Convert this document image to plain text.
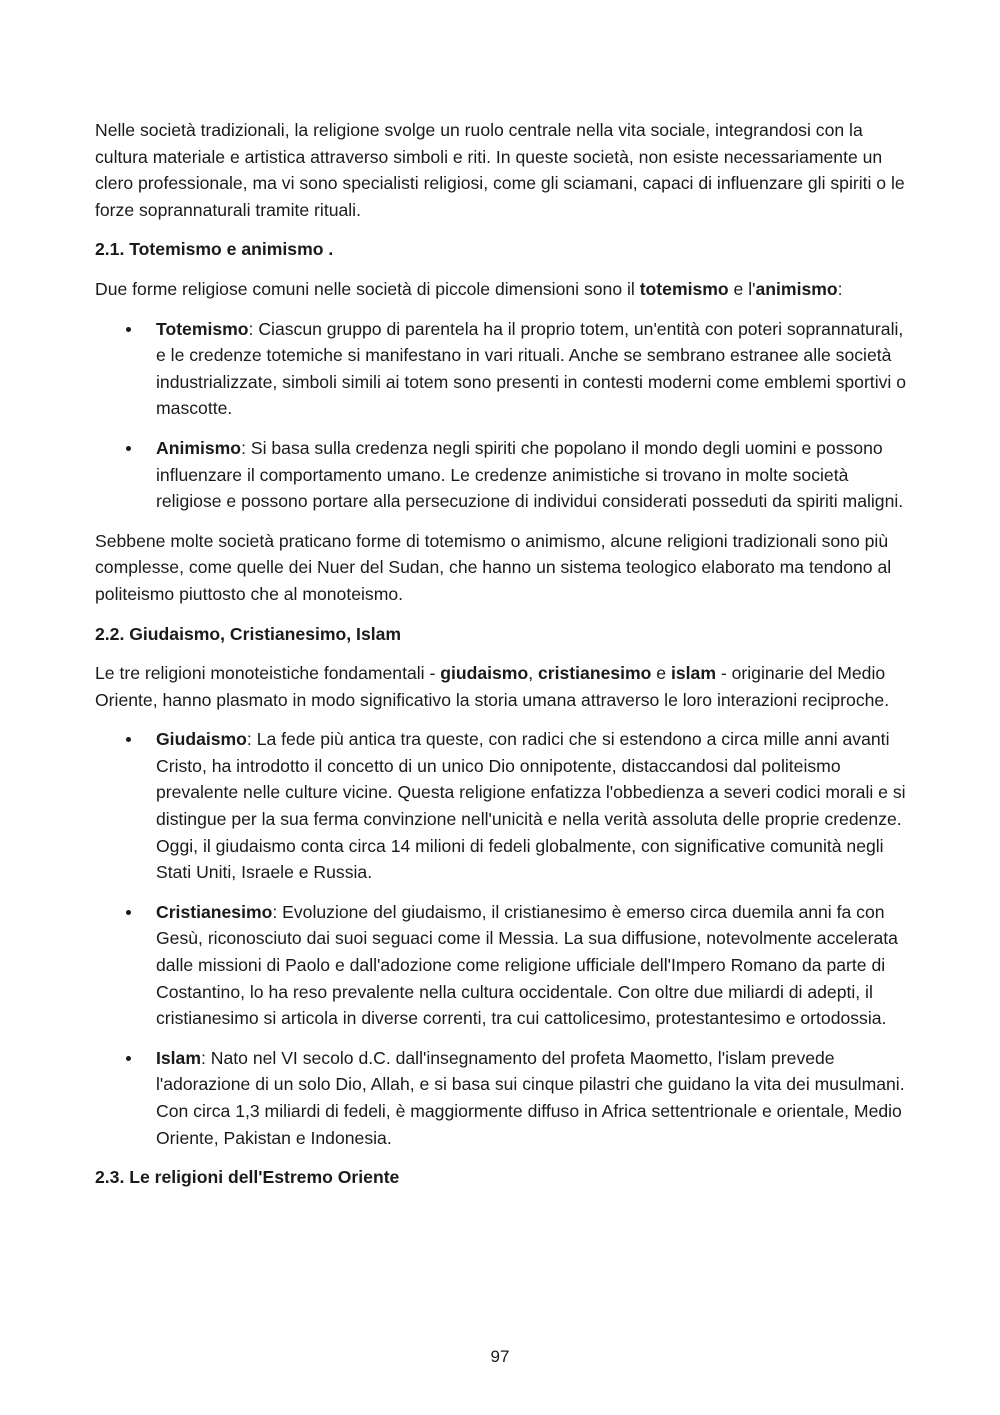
Nelle società tradizionali, la religione svolge un ruolo centrale nella vita sociale, integrandosi con la cultura materiale e artistica attraverso simboli e riti. In queste società, non esiste necessariamente un clero professionale, ma vi sono specialisti religiosi, come gli sciamani, capaci di influenzare gli spiriti o le forze soprannaturali tramite rituali.

2.1. Totemismo e animismo .

Due forme religiose comuni nelle società di piccole dimensioni sono il totemismo e l'animismo:

Totemismo: Ciascun gruppo di parentela ha il proprio totem, un'entità con poteri soprannaturali, e le credenze totemiche si manifestano in vari rituali. Anche se sembrano estranee alle società industrializzate, simboli simili ai totem sono presenti in contesti moderni come emblemi sportivi o mascotte.
Animismo: Si basa sulla credenza negli spiriti che popolano il mondo degli uomini e possono influenzare il comportamento umano. Le credenze animistiche si trovano in molte società religiose e possono portare alla persecuzione di individui considerati posseduti da spiriti maligni.

Sebbene molte società praticano forme di totemismo o animismo, alcune religioni tradizionali sono più complesse, come quelle dei Nuer del Sudan, che hanno un sistema teologico elaborato ma tendono al politeismo piuttosto che al monoteismo.

2.2. Giudaismo, Cristianesimo, Islam

Le tre religioni monoteistiche fondamentali - giudaismo, cristianesimo e islam - originarie del Medio Oriente, hanno plasmato in modo significativo la storia umana attraverso le loro interazioni reciproche.

Giudaismo: La fede più antica tra queste, con radici che si estendono a circa mille anni avanti Cristo, ha introdotto il concetto di un unico Dio onnipotente, distaccandosi dal politeismo prevalente nelle culture vicine. Questa religione enfatizza l'obbedienza a severi codici morali e si distingue per la sua ferma convinzione nell'unicità e nella verità assoluta delle proprie credenze. Oggi, il giudaismo conta circa 14 milioni di fedeli globalmente, con significative comunità negli Stati Uniti, Israele e Russia.
Cristianesimo: Evoluzione del giudaismo, il cristianesimo è emerso circa duemila anni fa con Gesù, riconosciuto dai suoi seguaci come il Messia. La sua diffusione, notevolmente accelerata dalle missioni di Paolo e dall'adozione come religione ufficiale dell'Impero Romano da parte di Costantino, lo ha reso prevalente nella cultura occidentale. Con oltre due miliardi di adepti, il cristianesimo si articola in diverse correnti, tra cui cattolicesimo, protestantesimo e ortodossia.
Islam: Nato nel VI secolo d.C. dall'insegnamento del profeta Maometto, l'islam prevede l'adorazione di un solo Dio, Allah, e si basa sui cinque pilastri che guidano la vita dei musulmani. Con circa 1,3 miliardi di fedeli, è maggiormente diffuso in Africa settentrionale e orientale, Medio Oriente, Pakistan e Indonesia.

2.3. Le religioni dell'Estremo Oriente

97
